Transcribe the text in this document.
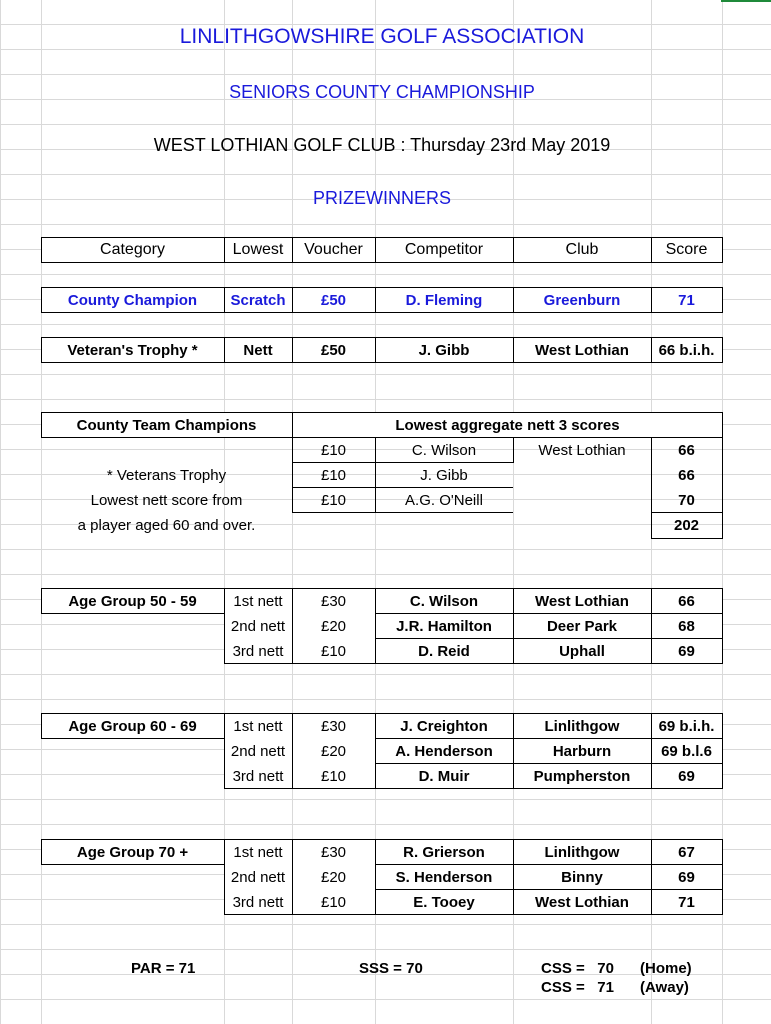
LINLITHGOWSHIRE GOLF ASSOCIATION
SENIORS COUNTY CHAMPIONSHIP
WEST LOTHIAN GOLF CLUB : Thursday 23rd May 2019
PRIZEWINNERS
Category	Lowest	Voucher	Competitor	Club	Score
County Champion	Scratch	£50	D. Fleming	Greenburn	71
Veteran's Trophy *	Nett	£50	J. Gibb	West Lothian	66 b.i.h.
County Team Champions	Lowest aggregate nett 3 scores
£10	C. Wilson	West Lothian	66
£10	J. Gibb	66
£10	A.G. O'Neill	70
202
* Veterans Trophy
Lowest nett score from
a player aged 60 and over.
Age Group 50 - 59	1st nett	£30	C. Wilson	West Lothian	66
2nd nett	£20	J.R. Hamilton	Deer Park	68
3rd nett	£10	D. Reid	Uphall	69
Age Group 60 - 69	1st nett	£30	J. Creighton	Linlithgow	69 b.i.h.
2nd nett	£20	A. Henderson	Harburn	69 b.l.6
3rd nett	£10	D. Muir	Pumpherston	69
Age Group 70 +	1st nett	£30	R. Grierson	Linlithgow	67
2nd nett	£20	S. Henderson	Binny	69
3rd nett	£10	E. Tooey	West Lothian	71
PAR = 71	SSS = 70	CSS =   70 (Home)
CSS =   71 (Away)
